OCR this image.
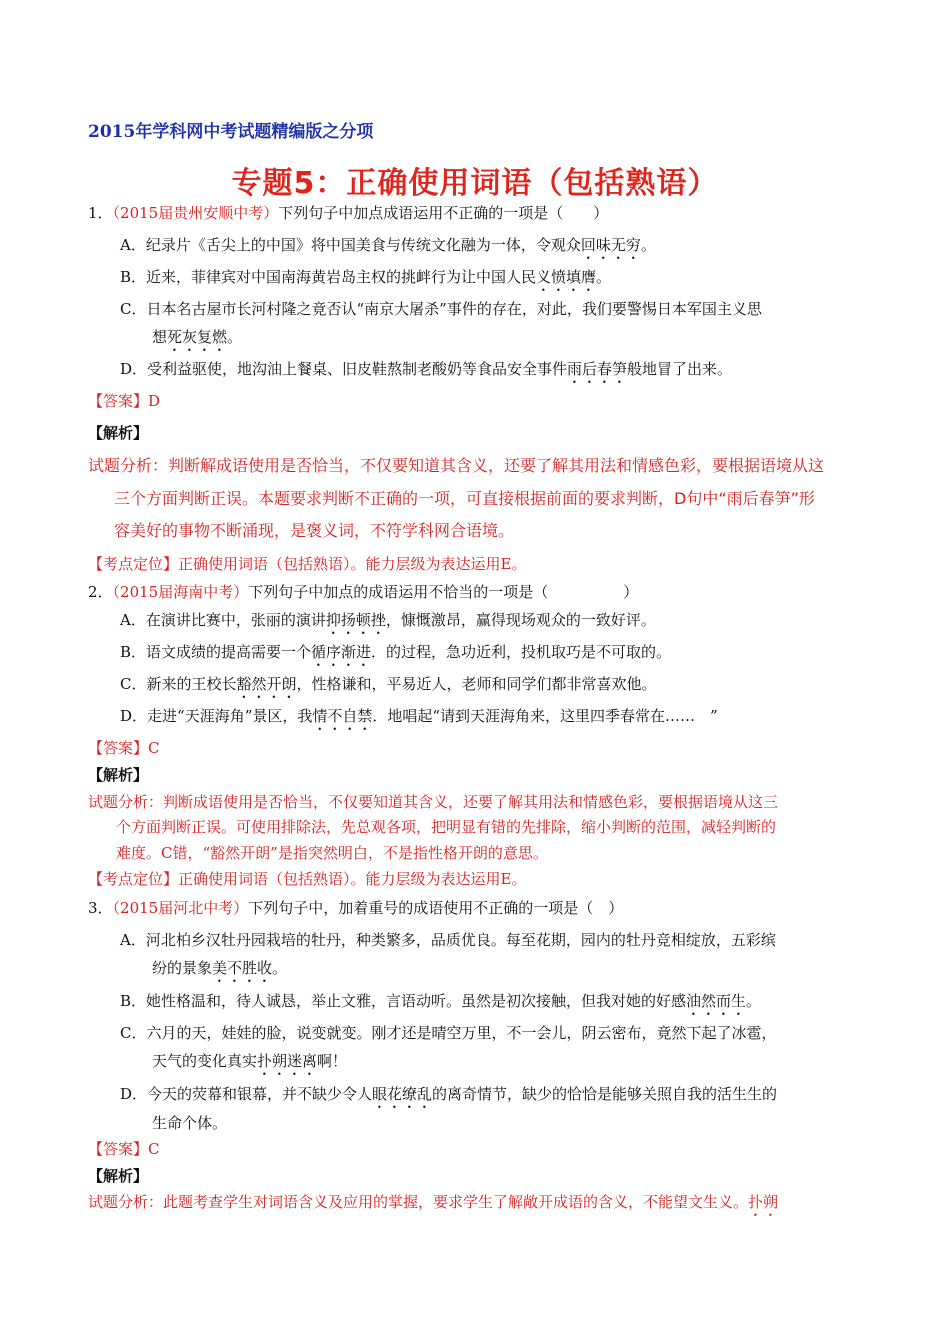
2015年学科网中考试题精编版之分项
专题5：正确使用词语（包括熟语）
1．（2015届贵州安顺中考）下列句子中加点成语运用不正确的一项是（　　）
A．纪录片《舌尖上的中国》将中国美食与传统文化融为一体，令观众回味无穷。
B．近来，菲律宾对中国南海黄岩岛主权的挑衅行为让中国人民义愤填膺。
C．日本名古屋市长河村隆之竟否认“南京大屠杀”事件的存在，对此，我们要警惕日本军国主义思
想死灰复燃。
D．受利益驱使，地沟油上餐桌、旧皮鞋熬制老酸奶等食品安全事件雨后春笋般地冒了出来。
【答案】D
【解析】
试题分析：判断解成语使用是否恰当，不仅要知道其含义，还要了解其用法和情感色彩，要根据语境从这
三个方面判断正误。本题要求判断不正确的一项，可直接根据前面的要求判断，D句中“雨后春笋”形
容美好的事物不断涌现，是褒义词，不符学科网合语境。
【考点定位】正确使用词语（包括熟语）。能力层级为表达运用E。
2．（2015届海南中考）下列句子中加点的成语运用不恰当的一项是（　　　　　）
A．在演讲比赛中，张丽的演讲抑扬顿挫，慷慨激昂，赢得现场观众的一致好评。
B．语文成绩的提高需要一个循序渐进．的过程，急功近利，投机取巧是不可取的。
C．新来的王校长豁然开朗，性格谦和，平易近人，老师和同学们都非常喜欢他。
D．走进“天涯海角”景区，我情不自禁．地唱起“请到天涯海角来，这里四季春常在……　”
【答案】C
【解析】
试题分析：判断成语使用是否恰当，不仅要知道其含义，还要了解其用法和情感色彩，要根据语境从这三
个方面判断正误。可使用排除法，先总观各项，把明显有错的先排除，缩小判断的范围，减轻判断的
难度。C错，“豁然开朗”是指突然明白，不是指性格开朗的意思。
【考点定位】正确使用词语（包括熟语）。能力层级为表达运用E。
3．（2015届河北中考）下列句子中，加着重号的成语使用不正确的一项是（　）
A．河北柏乡汉牡丹园栽培的牡丹，种类繁多，品质优良。每至花期，园内的牡丹竞相绽放，五彩缤
纷的景象美不胜收。
B．她性格温和，待人诚恳，举止文雅，言语动听。虽然是初次接触，但我对她的好感油然而生。
C．六月的天，娃娃的脸，说变就变。刚才还是晴空万里，不一会儿，阴云密布，竟然下起了冰雹，
天气的变化真实扑朔迷离啊！
D．今天的荧幕和银幕，并不缺少令人眼花缭乱的离奇情节，缺少的恰恰是能够关照自我的活生生的
生命个体。
【答案】C
【解析】
试题分析：此题考查学生对词语含义及应用的掌握，要求学生了解敞开成语的含义，不能望文生义。扑朔
